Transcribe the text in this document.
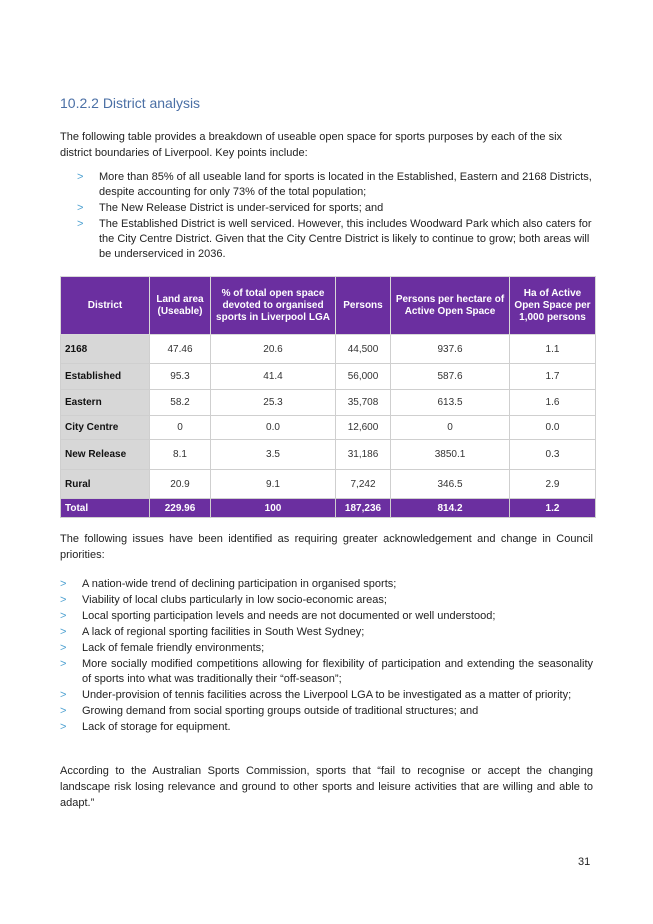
10.2.2 District analysis
The following table provides a breakdown of useable open space for sports purposes by each of the six district boundaries of Liverpool. Key points include:
> More than 85% of all useable land for sports is located in the Established, Eastern and 2168 Districts, despite accounting for only 73% of the total population;
> The New Release District is under-serviced for sports; and
> The Established District is well serviced. However, this includes Woodward Park which also caters for the City Centre District. Given that the City Centre District is likely to continue to grow; both areas will be underserviced in 2036.
District	Land area (Useable)	% of total open space devoted to organised sports in Liverpool LGA	Persons	Persons per hectare of Active Open Space	Ha of Active Open Space per 1,000 persons
2168	47.46	20.6	44,500	937.6	1.1
Established	95.3	41.4	56,000	587.6	1.7
Eastern	58.2	25.3	35,708	613.5	1.6
City Centre	0	0.0	12,600	0	0.0
New Release	8.1	3.5	31,186	3850.1	0.3
Rural	20.9	9.1	7,242	346.5	2.9
Total	229.96	100	187,236	814.2	1.2
The following issues have been identified as requiring greater acknowledgement and change in Council priorities:
> A nation-wide trend of declining participation in organised sports;
> Viability of local clubs particularly in low socio-economic areas;
> Local sporting participation levels and needs are not documented or well understood;
> A lack of regional sporting facilities in South West Sydney;
> Lack of female friendly environments;
> More socially modified competitions allowing for flexibility of participation and extending the seasonality of sports into what was traditionally their “off-season”;
> Under-provision of tennis facilities across the Liverpool LGA to be investigated as a matter of priority;
> Growing demand from social sporting groups outside of traditional structures; and
> Lack of storage for equipment.
According to the Australian Sports Commission, sports that “fail to recognise or accept the changing landscape risk losing relevance and ground to other sports and leisure activities that are willing and able to adapt.”
31
